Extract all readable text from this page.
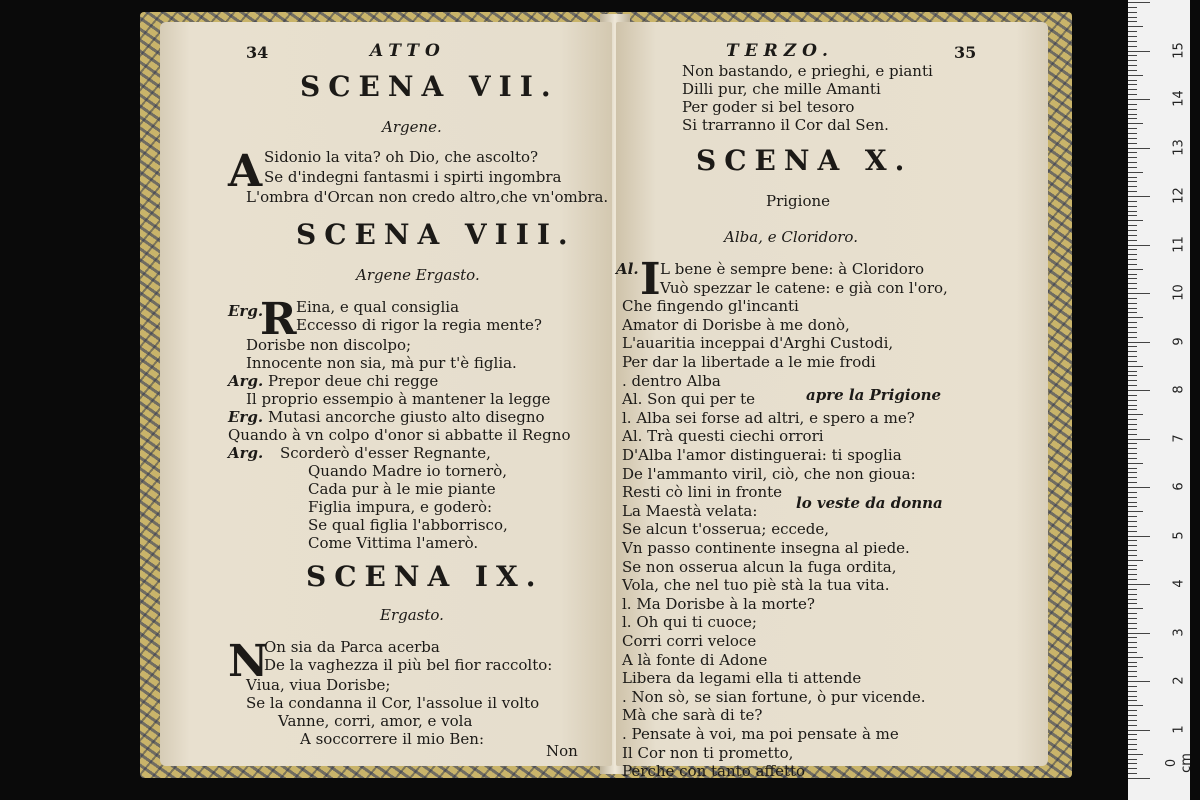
34	ATTO
SCENA VII.
Argene.
A Sidonio la vita? oh Dio, che ascolto?
Se d'indegni fantasmi i spirti ingombra
L'ombra d'Orcan non credo altro,che vn'ombra.
SCENA VIII.
Argene Ergasto.
Erg.
R Eina, e qual consiglia
Eccesso di rigor la regia mente?
Dorisbe non discolpo;
Innocente non sia, mà pur t'è figlia.
Arg. Prepor deue chi regge
Il proprio essempio à mantener la legge
Erg. Mutasi ancorche giusto alto disegno
Quando à vn colpo d'onor si abbatte il Regno
Arg. Scorderò d'esser Regnante,
Quando Madre io tornerò,
Cada pur à le mie piante
Figlia impura, e goderò:
Se qual figlia l'abborrisco,
Come Vittima l'amerò.
SCENA IX.
Ergasto.
N
On sia da Parca acerba
De la vaghezza il più bel fior raccolto:
Viua, viua Dorisbe;
Se la condanna il Cor, l'assolue il volto
Vanne, corri, amor, e vola
A soccorrere il mio Ben:
Non
TERZO.	35
Non bastando, e prieghi, e pianti
Dilli pur, che mille Amanti
Per goder si bel tesoro
Si trarranno il Cor dal Sen.
SCENA X.
Prigione
Alba, e Cloridoro.
Al. I L bene è sempre bene: à Cloridoro
Vuò spezzar le catene: e già con l'oro,
Che fingendo gl'incanti
Amator di Dorisbe à me donò,
L'auaritia inceppai d'Arghi Custodi,
Per dar la libertade a le mie frodi
. dentro Alba
Al. Son qui per te
l. Alba sei forse ad altri, e spero a me?
Al. Trà questi ciechi orrori
D'Alba l'amor distinguerai: ti spoglia
De l'ammanto viril, ciò, che non gioua:
Resti cò lini in fronte
La Maestà velata:
Se alcun t'osserua; eccede,
Vn passo continente insegna al piede.
Se non osserua alcun la fuga ordita,
Vola, che nel tuo piè stà la tua vita.
l. Ma Dorisbe à la morte?
l. Oh qui ti cuoce;
Corri corri veloce
A là fonte di Adone
Libera da legami ella ti attende
. Non sò, se sian fortune, ò pur vicende.
Mà che sarà di te?
. Pensate à voi, ma poi pensate à me
Il Cor non ti prometto,
Perche con tanto affetto
apre la Prigione
lo veste da donna
0 cm
1
2
3
4
5
6
7
8
9
10
11
12
13
14
15
